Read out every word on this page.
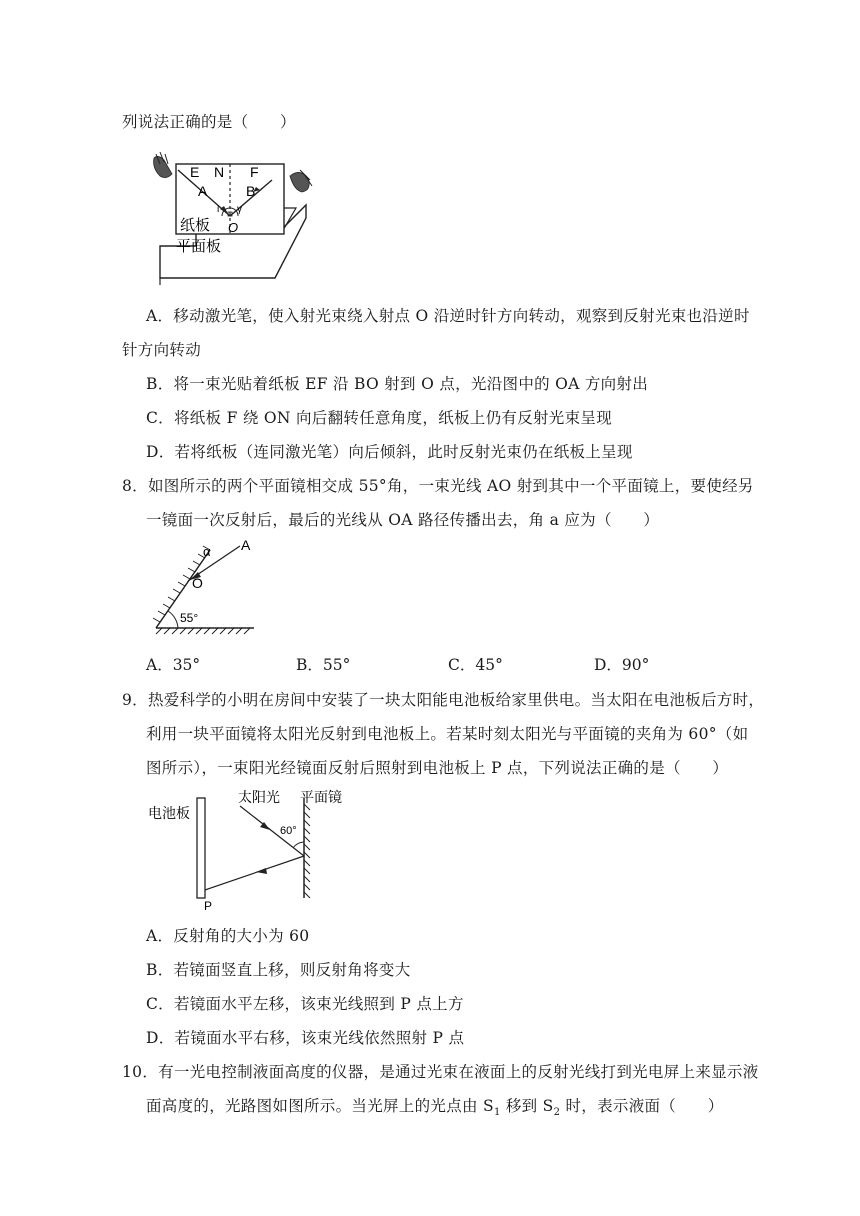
列说法正确的是（　　）
E N F
A	B
ι γ
O
纸板
平面板
A．移动激光笔，使入射光束绕入射点 O 沿逆时针方向转动，观察到反射光束也沿逆时
针方向转动
B．将一束光贴着纸板 EF 沿 BO 射到 O 点，光沿图中的 OA 方向射出
C．将纸板 F 绕 ON 向后翻转任意角度，纸板上仍有反射光束呈现
D．若将纸板（连同激光笔）向后倾斜，此时反射光束仍在纸板上呈现
8．如图所示的两个平面镜相交成 55°角，一束光线 AO 射到其中一个平面镜上，要使经另
一镜面一次反射后，最后的光线从 OA 路径传播出去，角 a 应为（　　）
A
α
O
55°
A．35°	B．55°	C．45°	D．90°
9．热爱科学的小明在房间中安装了一块太阳能电池板给家里供电。当太阳在电池板后方时，
利用一块平面镜将太阳光反射到电池板上。若某时刻太阳光与平面镜的夹角为 60°（如
图所示），一束阳光经镜面反射后照射到电池板上 P 点，下列说法正确的是（　　）
电池板
太阳光 平面镜
60°
P
A．反射角的大小为 60
B．若镜面竖直上移，则反射角将变大
C．若镜面水平左移，该束光线照到 P 点上方
D．若镜面水平右移，该束光线依然照射 P 点
10．有一光电控制液面高度的仪器，是通过光束在液面上的反射光线打到光电屏上来显示液
面高度的，光路图如图所示。当光屏上的光点由 $S_1$ 移到 $S_2$ 时，表示液面（　　）
